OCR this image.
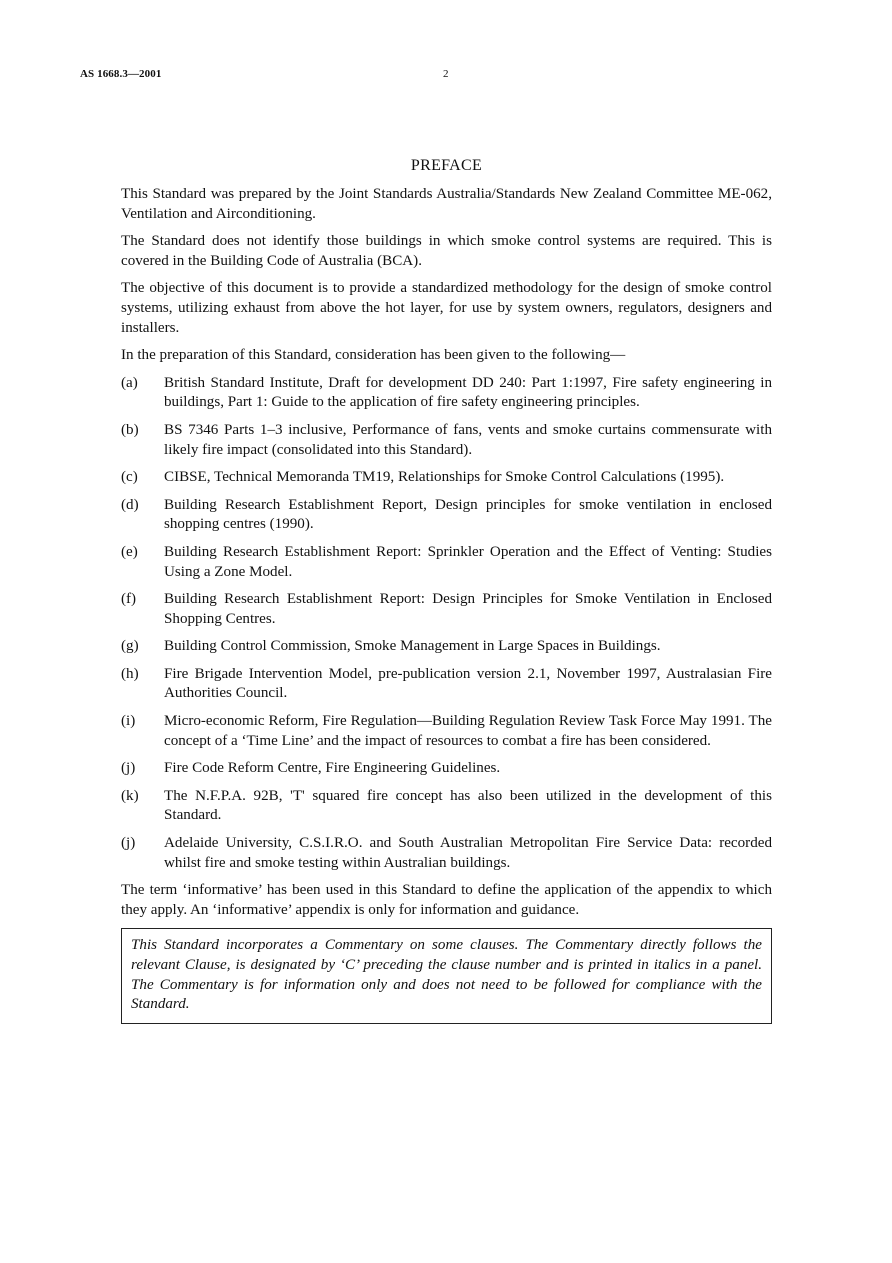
AS 1668.3—2001	2
PREFACE

This Standard was prepared by the Joint Standards Australia/Standards New Zealand Committee ME-062, Ventilation and Airconditioning.

The Standard does not identify those buildings in which smoke control systems are required. This is covered in the Building Code of Australia (BCA).

The objective of this document is to provide a standardized methodology for the design of smoke control systems, utilizing exhaust from above the hot layer, for use by system owners, regulators, designers and installers.

In the preparation of this Standard, consideration has been given to the following—

(a)	British Standard Institute, Draft for development DD 240: Part 1:1997, Fire safety engineering in buildings, Part 1: Guide to the application of fire safety engineering principles.
(b)	BS 7346 Parts 1–3 inclusive, Performance of fans, vents and smoke curtains commensurate with likely fire impact (consolidated into this Standard).
(c)	CIBSE, Technical Memoranda TM19, Relationships for Smoke Control Calculations (1995).
(d)	Building Research Establishment Report, Design principles for smoke ventilation in enclosed shopping centres (1990).
(e)	Building Research Establishment Report: Sprinkler Operation and the Effect of Venting: Studies Using a Zone Model.
(f)	Building Research Establishment Report: Design Principles for Smoke Ventilation in Enclosed Shopping Centres.
(g)	Building Control Commission, Smoke Management in Large Spaces in Buildings.
(h)	Fire Brigade Intervention Model, pre-publication version 2.1, November 1997, Australasian Fire Authorities Council.
(i)	Micro-economic Reform, Fire Regulation—Building Regulation Review Task Force May 1991. The concept of a ‘Time Line’ and the impact of resources to combat a fire has been considered.
(j)	Fire Code Reform Centre, Fire Engineering Guidelines.
(k)	The N.F.P.A. 92B, 'T' squared fire concept has also been utilized in the development of this Standard.
(j)	Adelaide University, C.S.I.R.O. and South Australian Metropolitan Fire Service Data: recorded whilst fire and smoke testing within Australian buildings.

The term ‘informative’ has been used in this Standard to define the application of the appendix to which they apply. An ‘informative’ appendix is only for information and guidance.

This Standard incorporates a Commentary on some clauses. The Commentary directly follows the relevant Clause, is designated by ‘C’ preceding the clause number and is printed in italics in a panel. The Commentary is for information only and does not need to be followed for compliance with the Standard.
